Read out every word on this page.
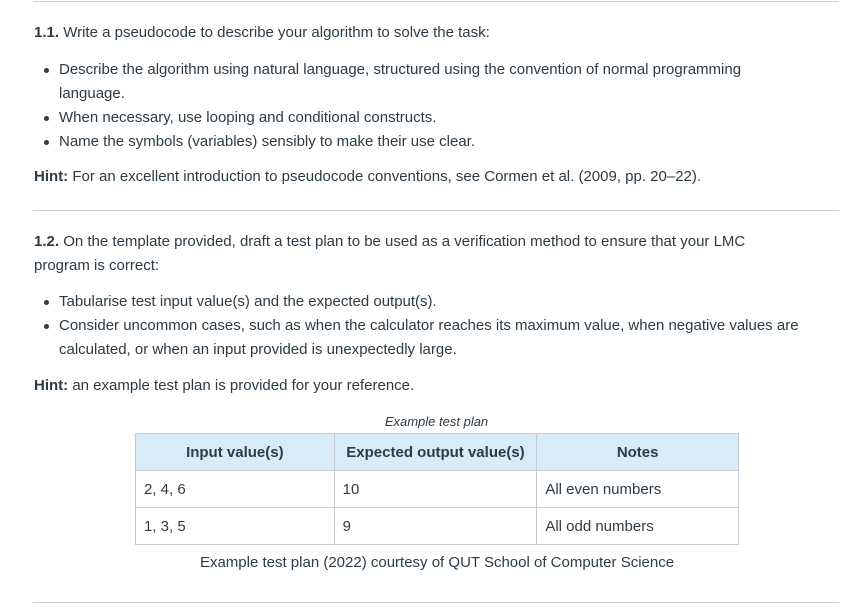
1.1. Write a pseudocode to describe your algorithm to solve the task:

Describe the algorithm using natural language, structured using the convention of normal programming language.
When necessary, use looping and conditional constructs.
Name the symbols (variables) sensibly to make their use clear.

Hint: For an excellent introduction to pseudocode conventions, see Cormen et al. (2009, pp. 20–22).

1.2. On the template provided, draft a test plan to be used as a verification method to ensure that your LMC program is correct:

Tabularise test input value(s) and the expected output(s).
Consider uncommon cases, such as when the calculator reaches its maximum value, when negative values are calculated, or when an input provided is unexpectedly large.

Hint: an example test plan is provided for your reference.

Example test plan
Input value(s)	Expected output value(s)	Notes
2, 4, 6	10	All even numbers
1, 3, 5	9	All odd numbers
Example test plan (2022) courtesy of QUT School of Computer Science
